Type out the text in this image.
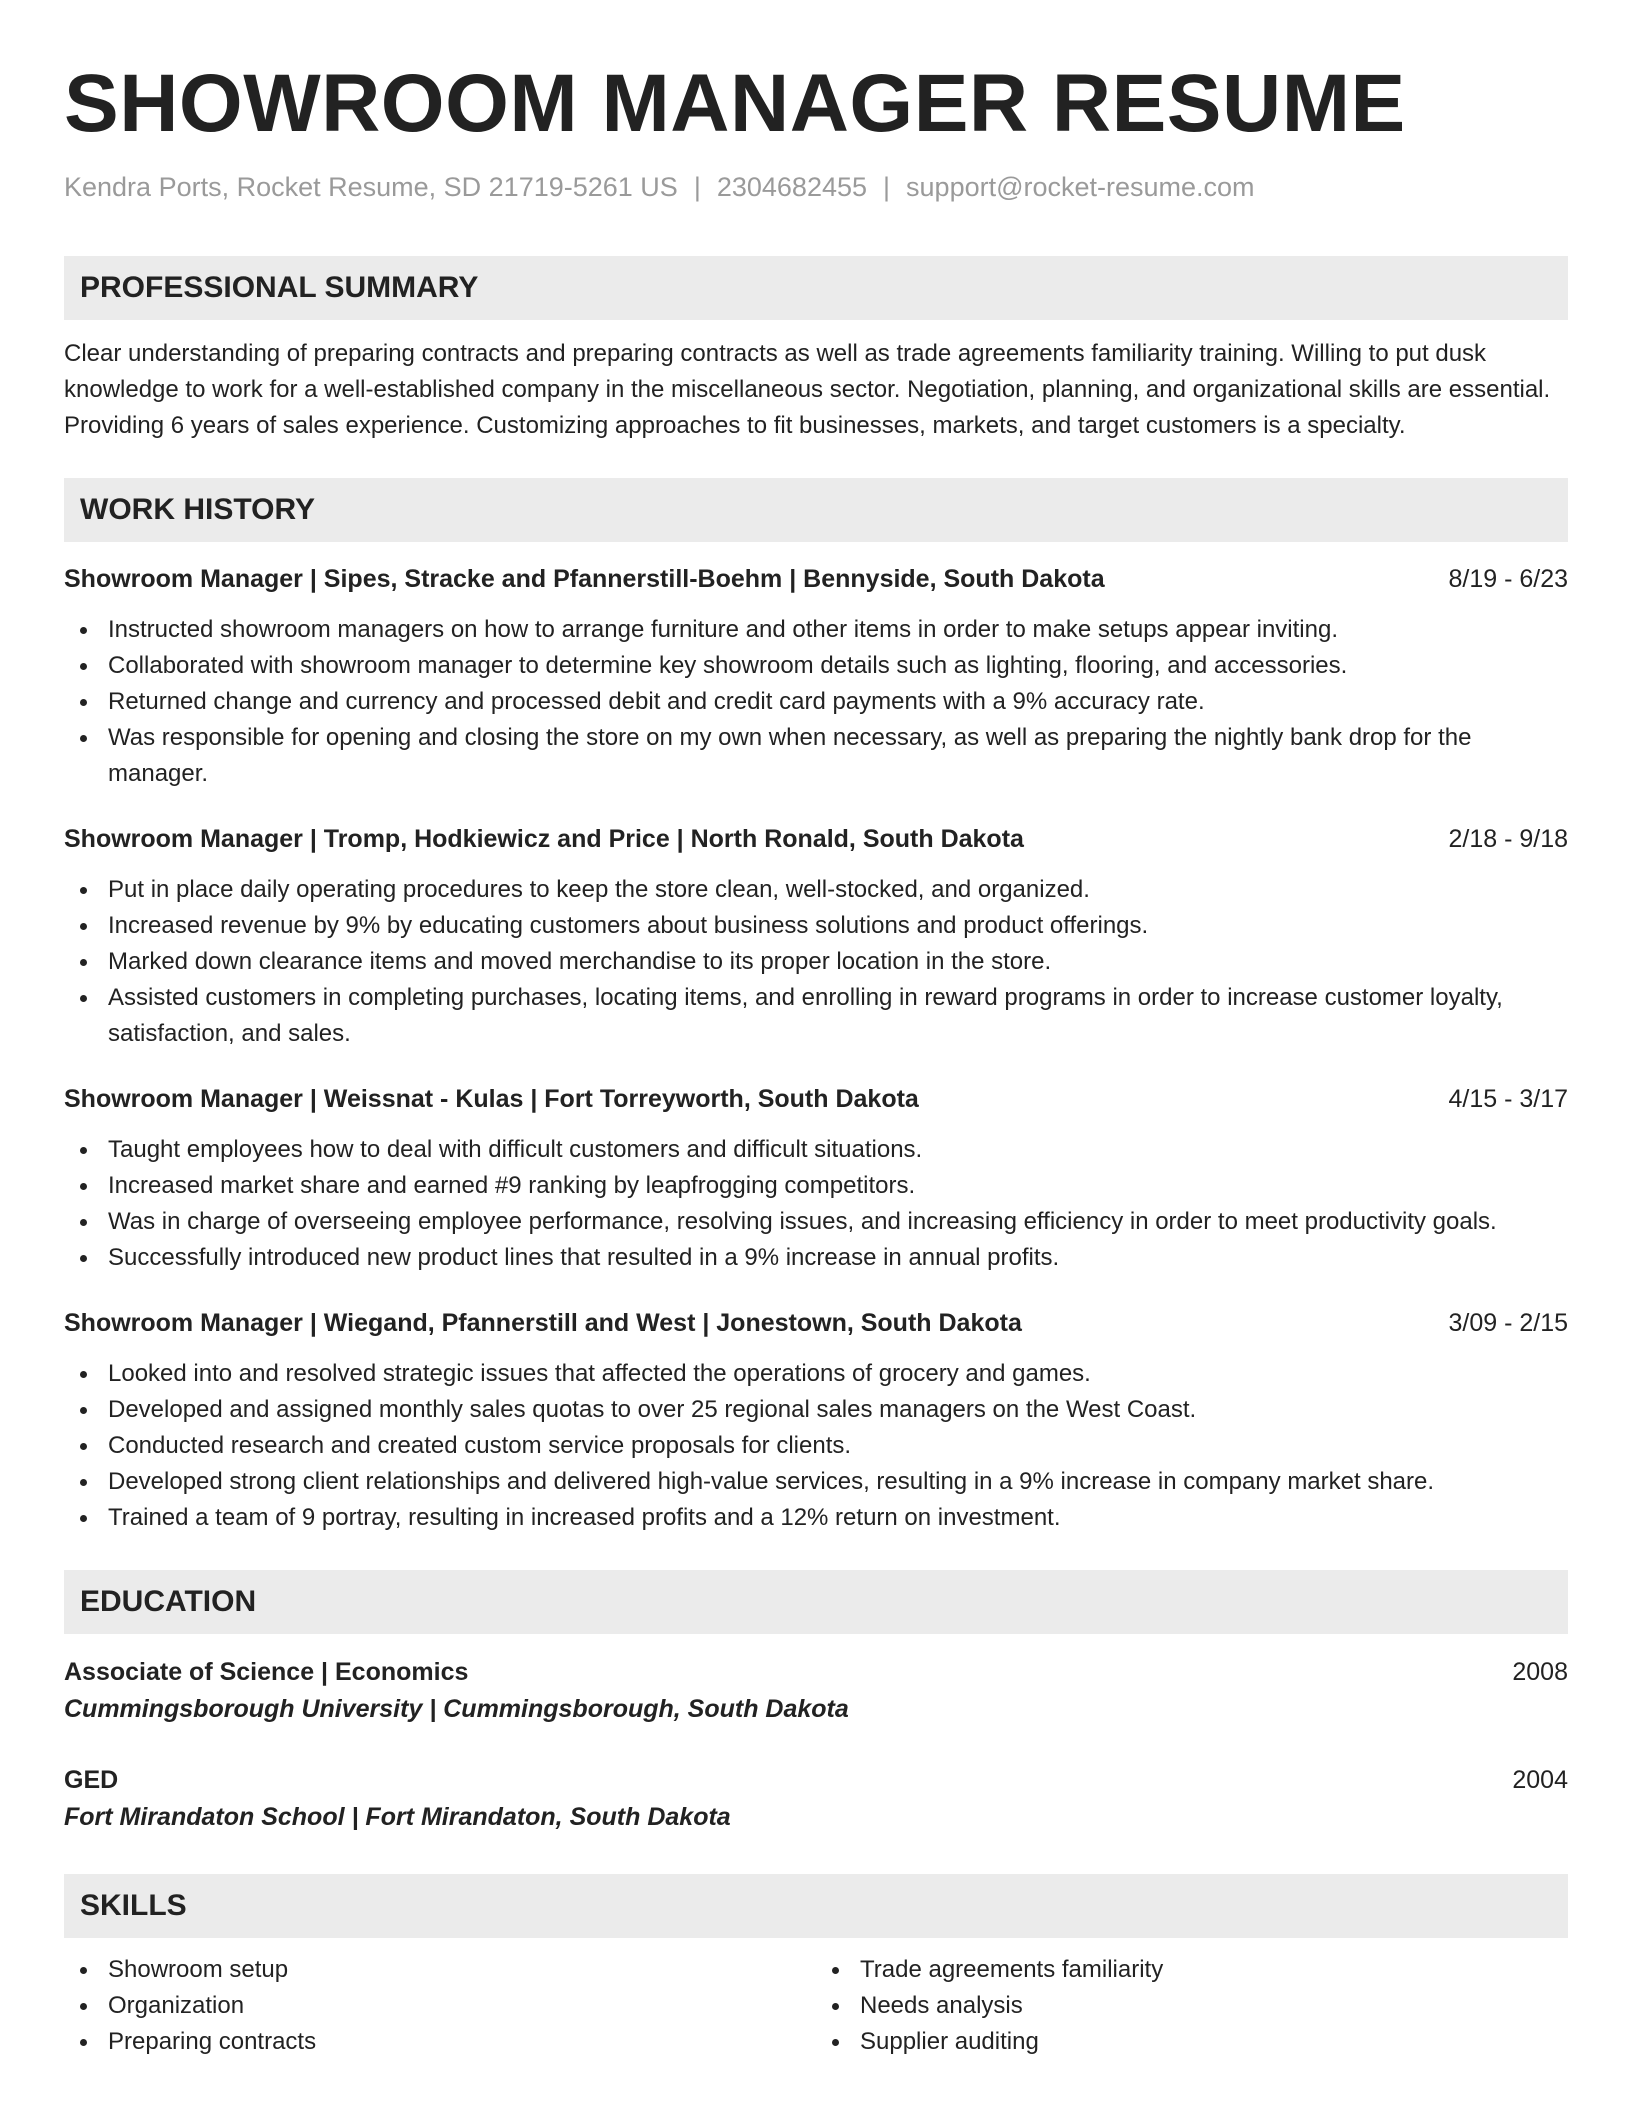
SHOWROOM MANAGER RESUME
Kendra Ports, Rocket Resume, SD 21719-5261 US | 2304682455 | support@rocket-resume.com
PROFESSIONAL SUMMARY
Clear understanding of preparing contracts and preparing contracts as well as trade agreements familiarity training. Willing to put dusk knowledge to work for a well-established company in the miscellaneous sector. Negotiation, planning, and organizational skills are essential. Providing 6 years of sales experience. Customizing approaches to fit businesses, markets, and target customers is a specialty.
WORK HISTORY
Showroom Manager | Sipes, Stracke and Pfannerstill-Boehm | Bennyside, South Dakota	8/19 - 6/23
Instructed showroom managers on how to arrange furniture and other items in order to make setups appear inviting.
Collaborated with showroom manager to determine key showroom details such as lighting, flooring, and accessories.
Returned change and currency and processed debit and credit card payments with a 9% accuracy rate.
Was responsible for opening and closing the store on my own when necessary, as well as preparing the nightly bank drop for the manager.
Showroom Manager | Tromp, Hodkiewicz and Price | North Ronald, South Dakota	2/18 - 9/18
Put in place daily operating procedures to keep the store clean, well-stocked, and organized.
Increased revenue by 9% by educating customers about business solutions and product offerings.
Marked down clearance items and moved merchandise to its proper location in the store.
Assisted customers in completing purchases, locating items, and enrolling in reward programs in order to increase customer loyalty, satisfaction, and sales.
Showroom Manager | Weissnat - Kulas | Fort Torreyworth, South Dakota	4/15 - 3/17
Taught employees how to deal with difficult customers and difficult situations.
Increased market share and earned #9 ranking by leapfrogging competitors.
Was in charge of overseeing employee performance, resolving issues, and increasing efficiency in order to meet productivity goals.
Successfully introduced new product lines that resulted in a 9% increase in annual profits.
Showroom Manager | Wiegand, Pfannerstill and West | Jonestown, South Dakota	3/09 - 2/15
Looked into and resolved strategic issues that affected the operations of grocery and games.
Developed and assigned monthly sales quotas to over 25 regional sales managers on the West Coast.
Conducted research and created custom service proposals for clients.
Developed strong client relationships and delivered high-value services, resulting in a 9% increase in company market share.
Trained a team of 9 portray, resulting in increased profits and a 12% return on investment.
EDUCATION
Associate of Science | Economics	2008
Cummingsborough University | Cummingsborough, South Dakota
GED	2004
Fort Mirandaton School | Fort Mirandaton, South Dakota
SKILLS
Showroom setup
Organization
Preparing contracts
Trade agreements familiarity
Needs analysis
Supplier auditing
